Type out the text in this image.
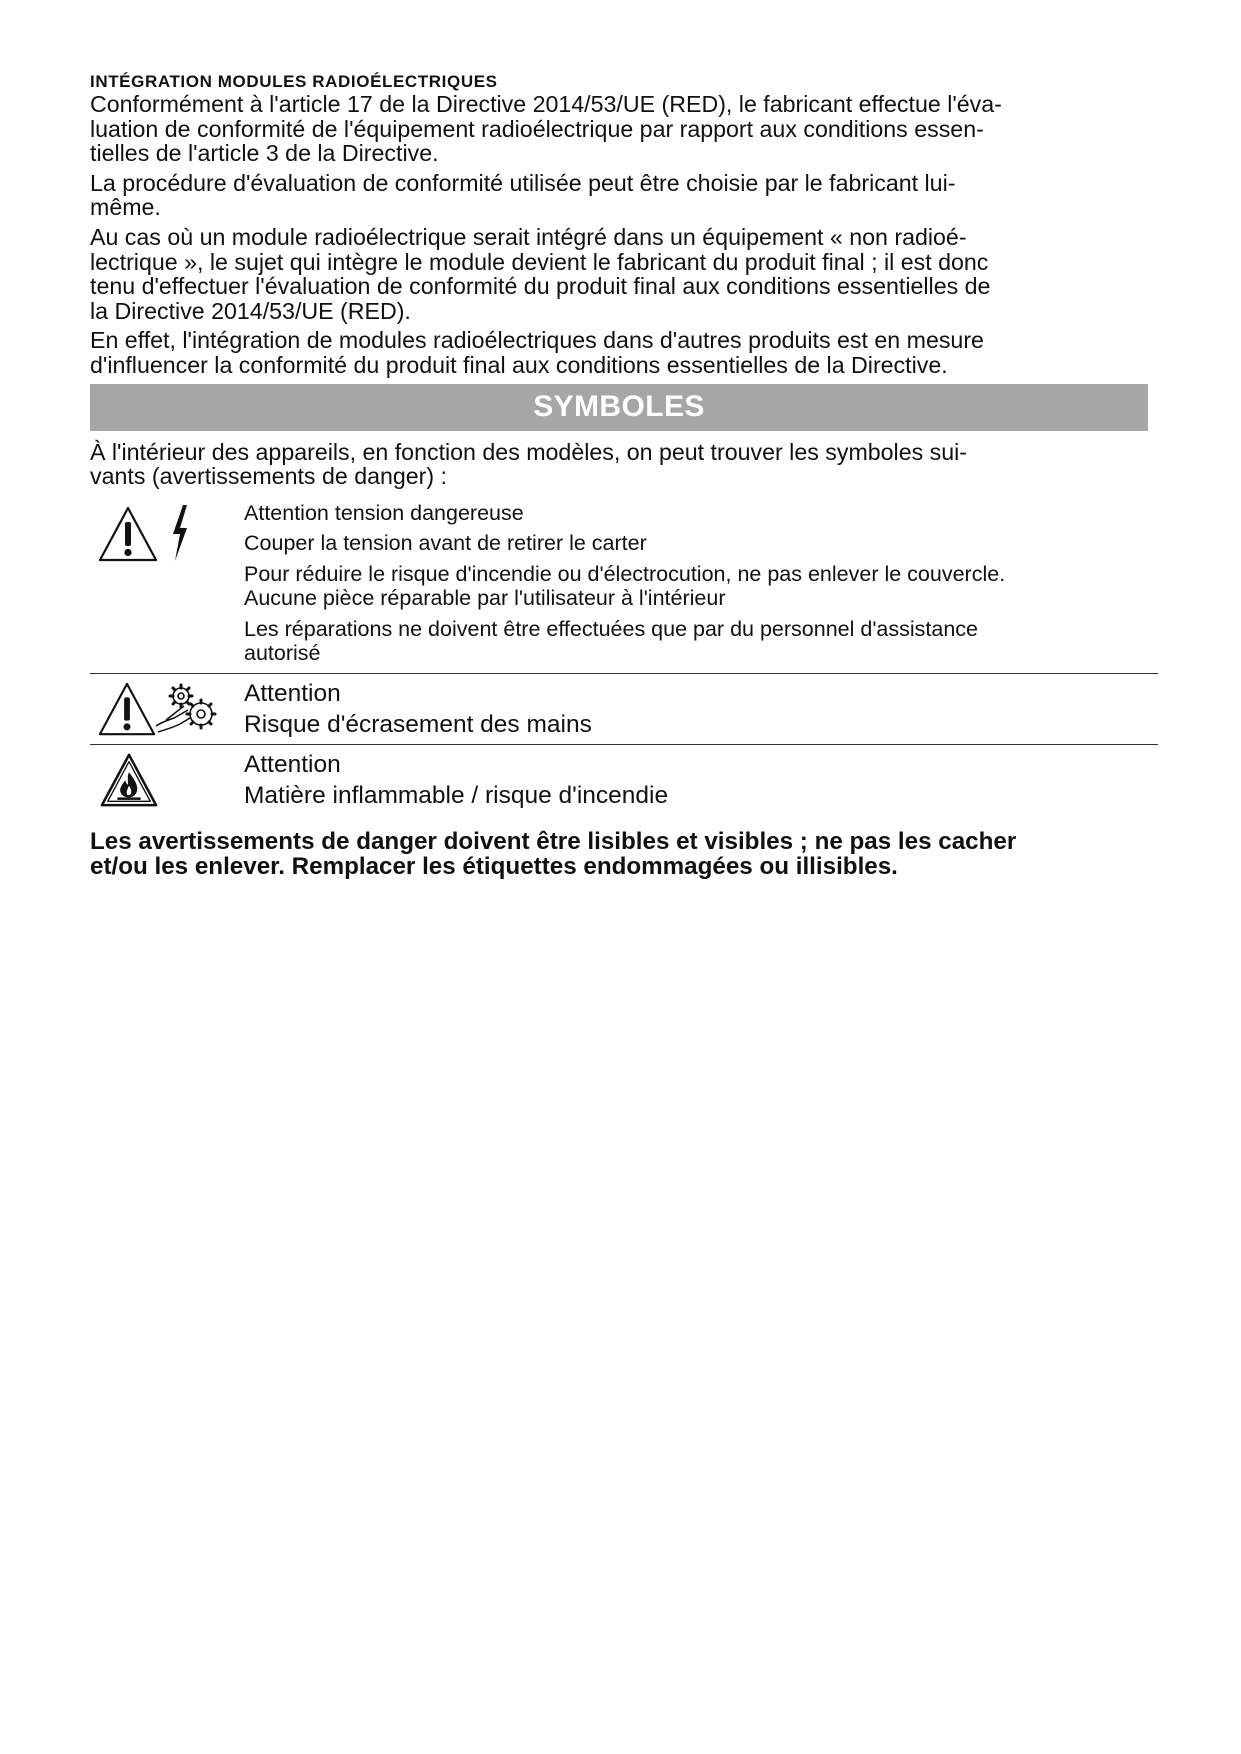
INTÉGRATION MODULES RADIOÉLECTRIQUES

Conformément à l'article 17 de la Directive 2014/53/UE (RED), le fabricant effectue l'éva-

luation de conformité de l'équipement radioélectrique par rapport aux conditions essen-

tielles de l'article 3 de la Directive.

La procédure d'évaluation de conformité utilisée peut être choisie par le fabricant lui-

même.

Au cas où un module radioélectrique serait intégré dans un équipement « non radioé-

lectrique », le sujet qui intègre le module devient le fabricant du produit final ; il est donc

tenu d'effectuer l'évaluation de conformité du produit final aux conditions essentielles de

la Directive 2014/53/UE (RED).

En effet, l'intégration de modules radioélectriques dans d'autres produits est en mesure

d'influencer la conformité du produit final aux conditions essentielles de la Directive.

SYMBOLES
À l'intérieur des appareils, en fonction des modèles, on peut trouver les symboles sui-
vants (avertissements de danger) :

Attention tension dangereuse

Couper la tension avant de retirer le carter

Pour réduire le risque d'incendie ou d'électrocution, ne pas enlever le couvercle.

Aucune pièce réparable par l'utilisateur à l'intérieur

Les réparations ne doivent être effectuées que par du personnel d'assistance

autorisé

Attention

Risque d'écrasement des mains

Attention

Matière inflammable / risque d'incendie

Les avertissements de danger doivent être lisibles et visibles ; ne pas les cacher

et/ou les enlever. Remplacer les étiquettes endommagées ou illisibles.
